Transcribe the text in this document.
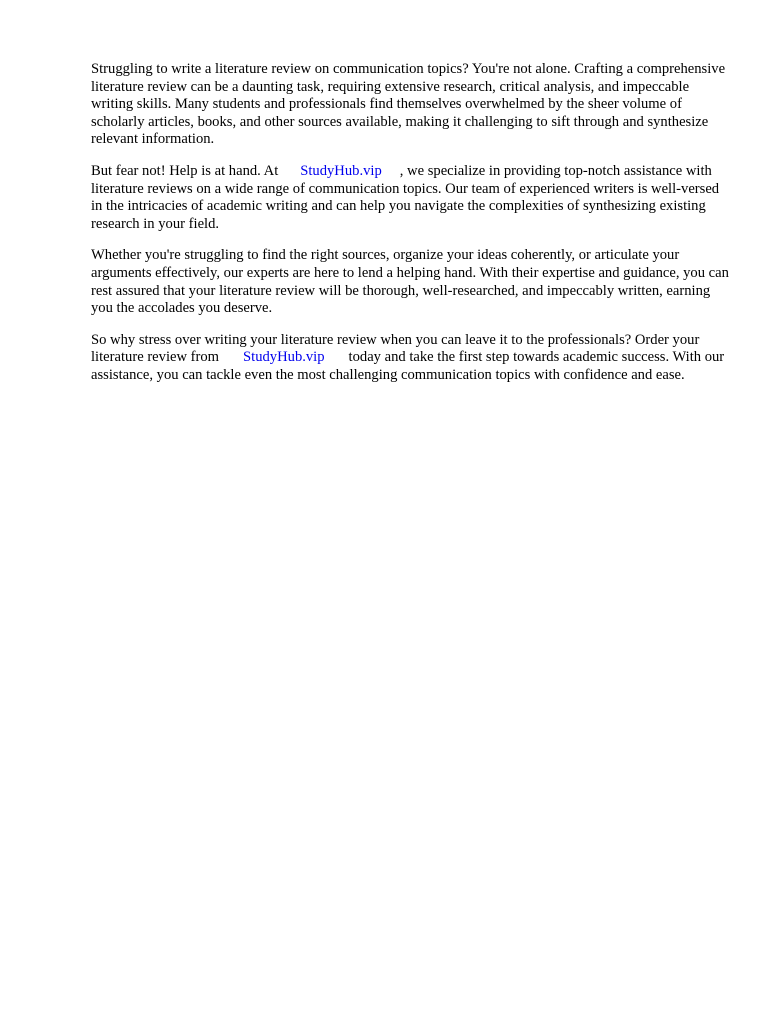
Struggling to write a literature review on communication topics? You're not alone. Crafting a comprehensive literature review can be a daunting task, requiring extensive research, critical analysis, and impeccable writing skills. Many students and professionals find themselves overwhelmed by the sheer volume of scholarly articles, books, and other sources available, making it challenging to sift through and synthesize relevant information.

But fear not! Help is at hand. At StudyHub.vip , we specialize in providing top-notch assistance with literature reviews on a wide range of communication topics. Our team of experienced writers is well-versed in the intricacies of academic writing and can help you navigate the complexities of synthesizing existing research in your field.

Whether you're struggling to find the right sources, organize your ideas coherently, or articulate your arguments effectively, our experts are here to lend a helping hand. With their expertise and guidance, you can rest assured that your literature review will be thorough, well-researched, and impeccably written, earning you the accolades you deserve.

So why stress over writing your literature review when you can leave it to the professionals? Order your literature review from StudyHub.vip today and take the first step towards academic success. With our assistance, you can tackle even the most challenging communication topics with confidence and ease.
